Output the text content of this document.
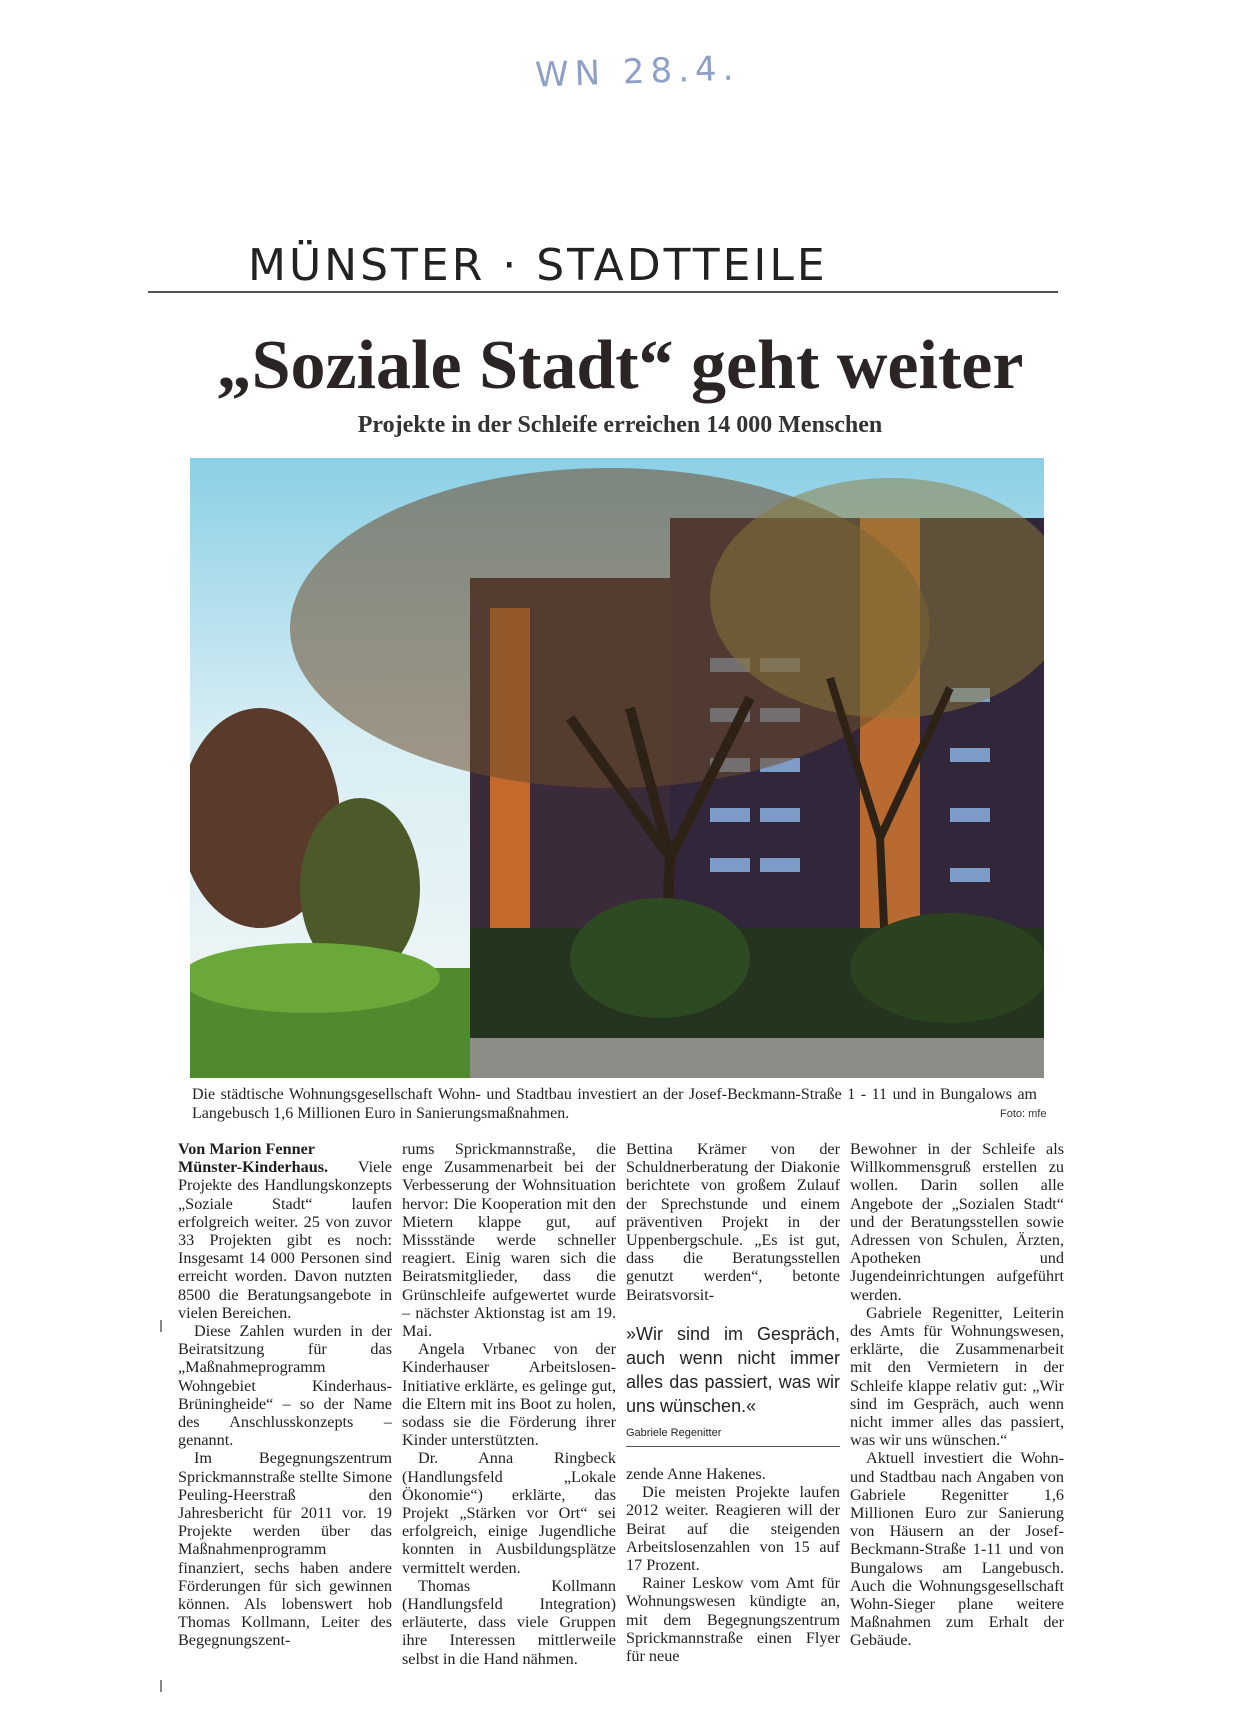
WN 28.4.
MÜNSTER · STADTTEILE
„Soziale Stadt“ geht weiter
Projekte in der Schleife erreichen 14 000 Menschen
Die städtische Wohnungsgesellschaft Wohn- und Stadtbau investiert an der Josef-Beckmann-Straße 1 - 11 und in Bungalows am Langebusch 1,6 Millionen Euro in Sanierungsmaßnahmen.	Foto: mfe

Von Marion Fenner

Münster-Kinderhaus. Viele Projekte des Handlungskonzepts „Soziale Stadt“ laufen erfolgreich weiter. 25 von zuvor 33 Projekten gibt es noch: Insgesamt 14 000 Personen sind erreicht worden. Davon nutzten 8500 die Beratungsangebote in vielen Bereichen.

Diese Zahlen wurden in der Beiratsitzung für das „Maßnahmeprogramm Wohngebiet Kinderhaus-Brüningheide“ – so der Name des Anschlusskonzepts – genannt.

Im Begegnungszentrum Sprickmannstraße stellte Simone Peuling-Heerstraß den Jahresbericht für 2011 vor. 19 Projekte werden über das Maßnahmenprogramm finanziert, sechs haben andere Förderungen für sich gewinnen können. Als lobenswert hob Thomas Kollmann, Leiter des Begegnungszent-

rums Sprickmannstraße, die enge Zusammenarbeit bei der Verbesserung der Wohnsituation hervor: Die Kooperation mit den Mietern klappe gut, auf Missstände werde schneller reagiert. Einig waren sich die Beiratsmitglieder, dass die Grünschleife aufgewertet wurde – nächster Aktionstag ist am 19. Mai.

Angela Vrbanec von der Kinderhauser Arbeitslosen-Initiative erklärte, es gelinge gut, die Eltern mit ins Boot zu holen, sodass sie die Förderung ihrer Kinder unterstützten.

Dr. Anna Ringbeck (Handlungsfeld „Lokale Ökonomie“) erklärte, das Projekt „Stärken vor Ort“ sei erfolgreich, einige Jugendliche konnten in Ausbildungsplätze vermittelt werden.

Thomas Kollmann (Handlungsfeld Integration) erläuterte, dass viele Gruppen ihre Interessen mittlerweile selbst in die Hand nähmen.

Bettina Krämer von der Schuldnerberatung der Diakonie berichtete von großem Zulauf der Sprechstunde und einem präventiven Projekt in der Uppenbergschule. „Es ist gut, dass die Beratungsstellen genutzt werden“, betonte Beiratsvorsit-

»Wir sind im Gespräch, auch wenn nicht immer alles das passiert, was wir uns wünschen.«
Gabriele Regenitter

zende Anne Hakenes.

Die meisten Projekte laufen 2012 weiter. Reagieren will der Beirat auf die steigenden Arbeitslosenzahlen von 15 auf 17 Prozent.

Rainer Leskow vom Amt für Wohnungswesen kündigte an, mit dem Begegnungszentrum Sprickmannstraße einen Flyer für neue

Bewohner in der Schleife als Willkommensgruß erstellen zu wollen. Darin sollen alle Angebote der „Sozialen Stadt“ und der Beratungsstellen sowie Adressen von Schulen, Ärzten, Apotheken und Jugendeinrichtungen aufgeführt werden.

Gabriele Regenitter, Leiterin des Amts für Wohnungswesen, erklärte, die Zusammenarbeit mit den Vermietern in der Schleife klappe relativ gut: „Wir sind im Gespräch, auch wenn nicht immer alles das passiert, was wir uns wünschen.“

Aktuell investiert die Wohn- und Stadtbau nach Angaben von Gabriele Regenitter 1,6 Millionen Euro zur Sanierung von Häusern an der Josef-Beckmann-Straße 1-11 und von Bungalows am Langebusch. Auch die Wohnungsgesellschaft Wohn-Sieger plane weitere Maßnahmen zum Erhalt der Gebäude.
